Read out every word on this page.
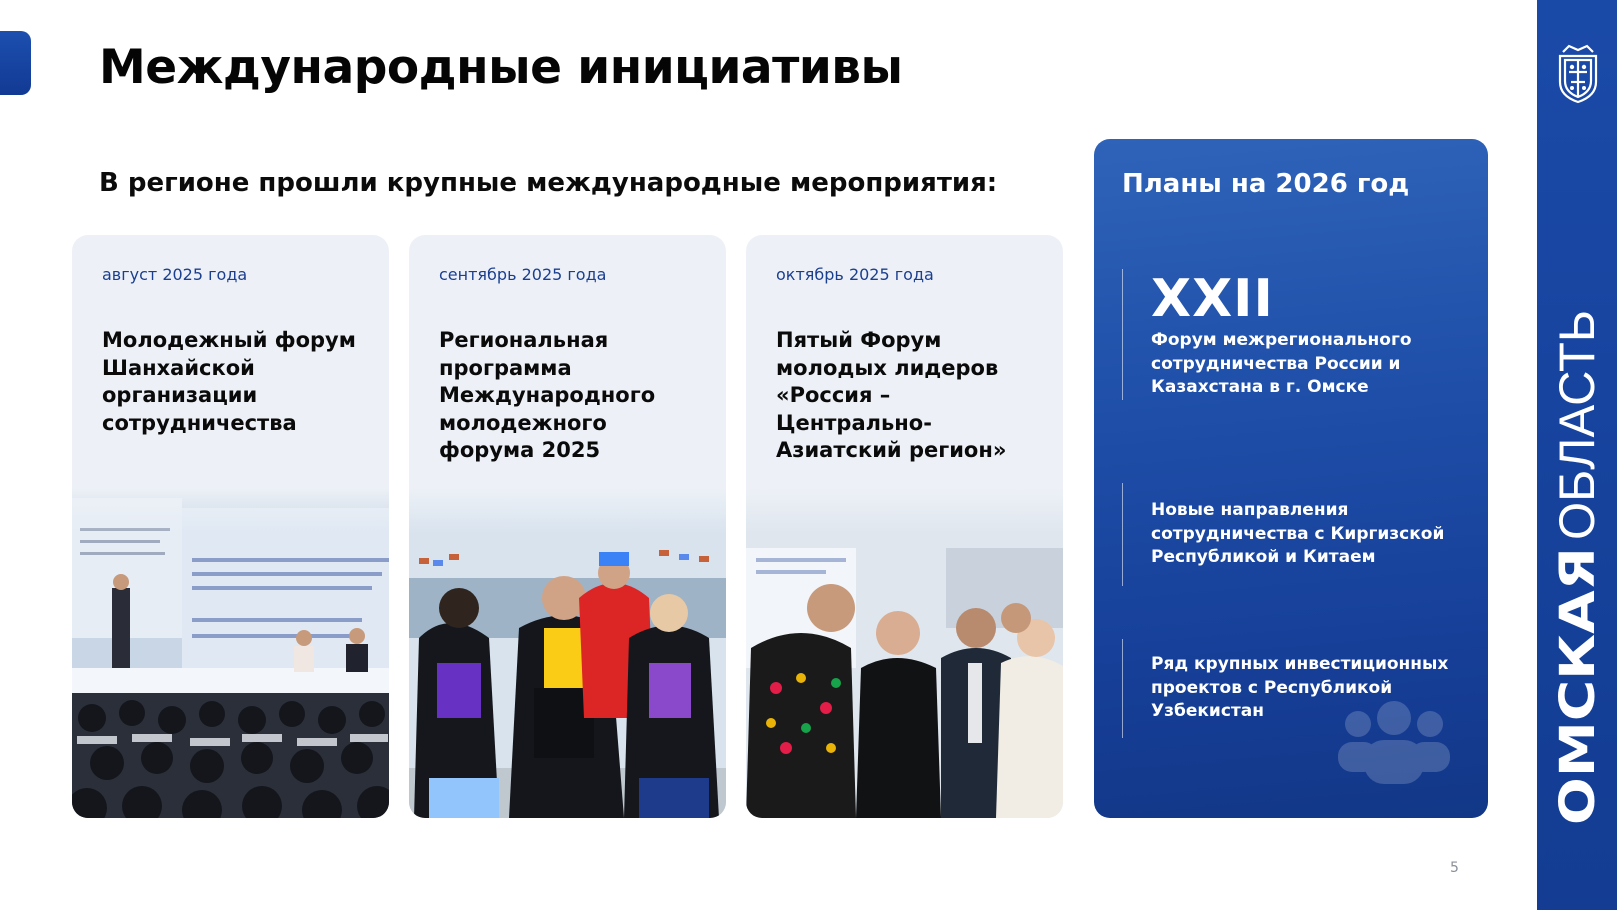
Международные инициативы
В регионе прошли крупные международные мероприятия:
август 2025 года
Молодежный форум Шанхайской организации сотрудничества
сентябрь 2025 года
Региональная программа Международного молодежного форума 2025
октябрь 2025 года
Пятый Форум молодых лидеров «Россия – Центрально-Азиатский регион»
Планы на 2026 год
XXII
Форум межрегионального сотрудничества России и Казахстана в г. Омске
Новые направления сотрудничества с Киргизской Республикой и Китаем
Ряд крупных инвестиционных проектов с Республикой Узбекистан	ОМСКАЯ
ОБЛАСТЬ
5
